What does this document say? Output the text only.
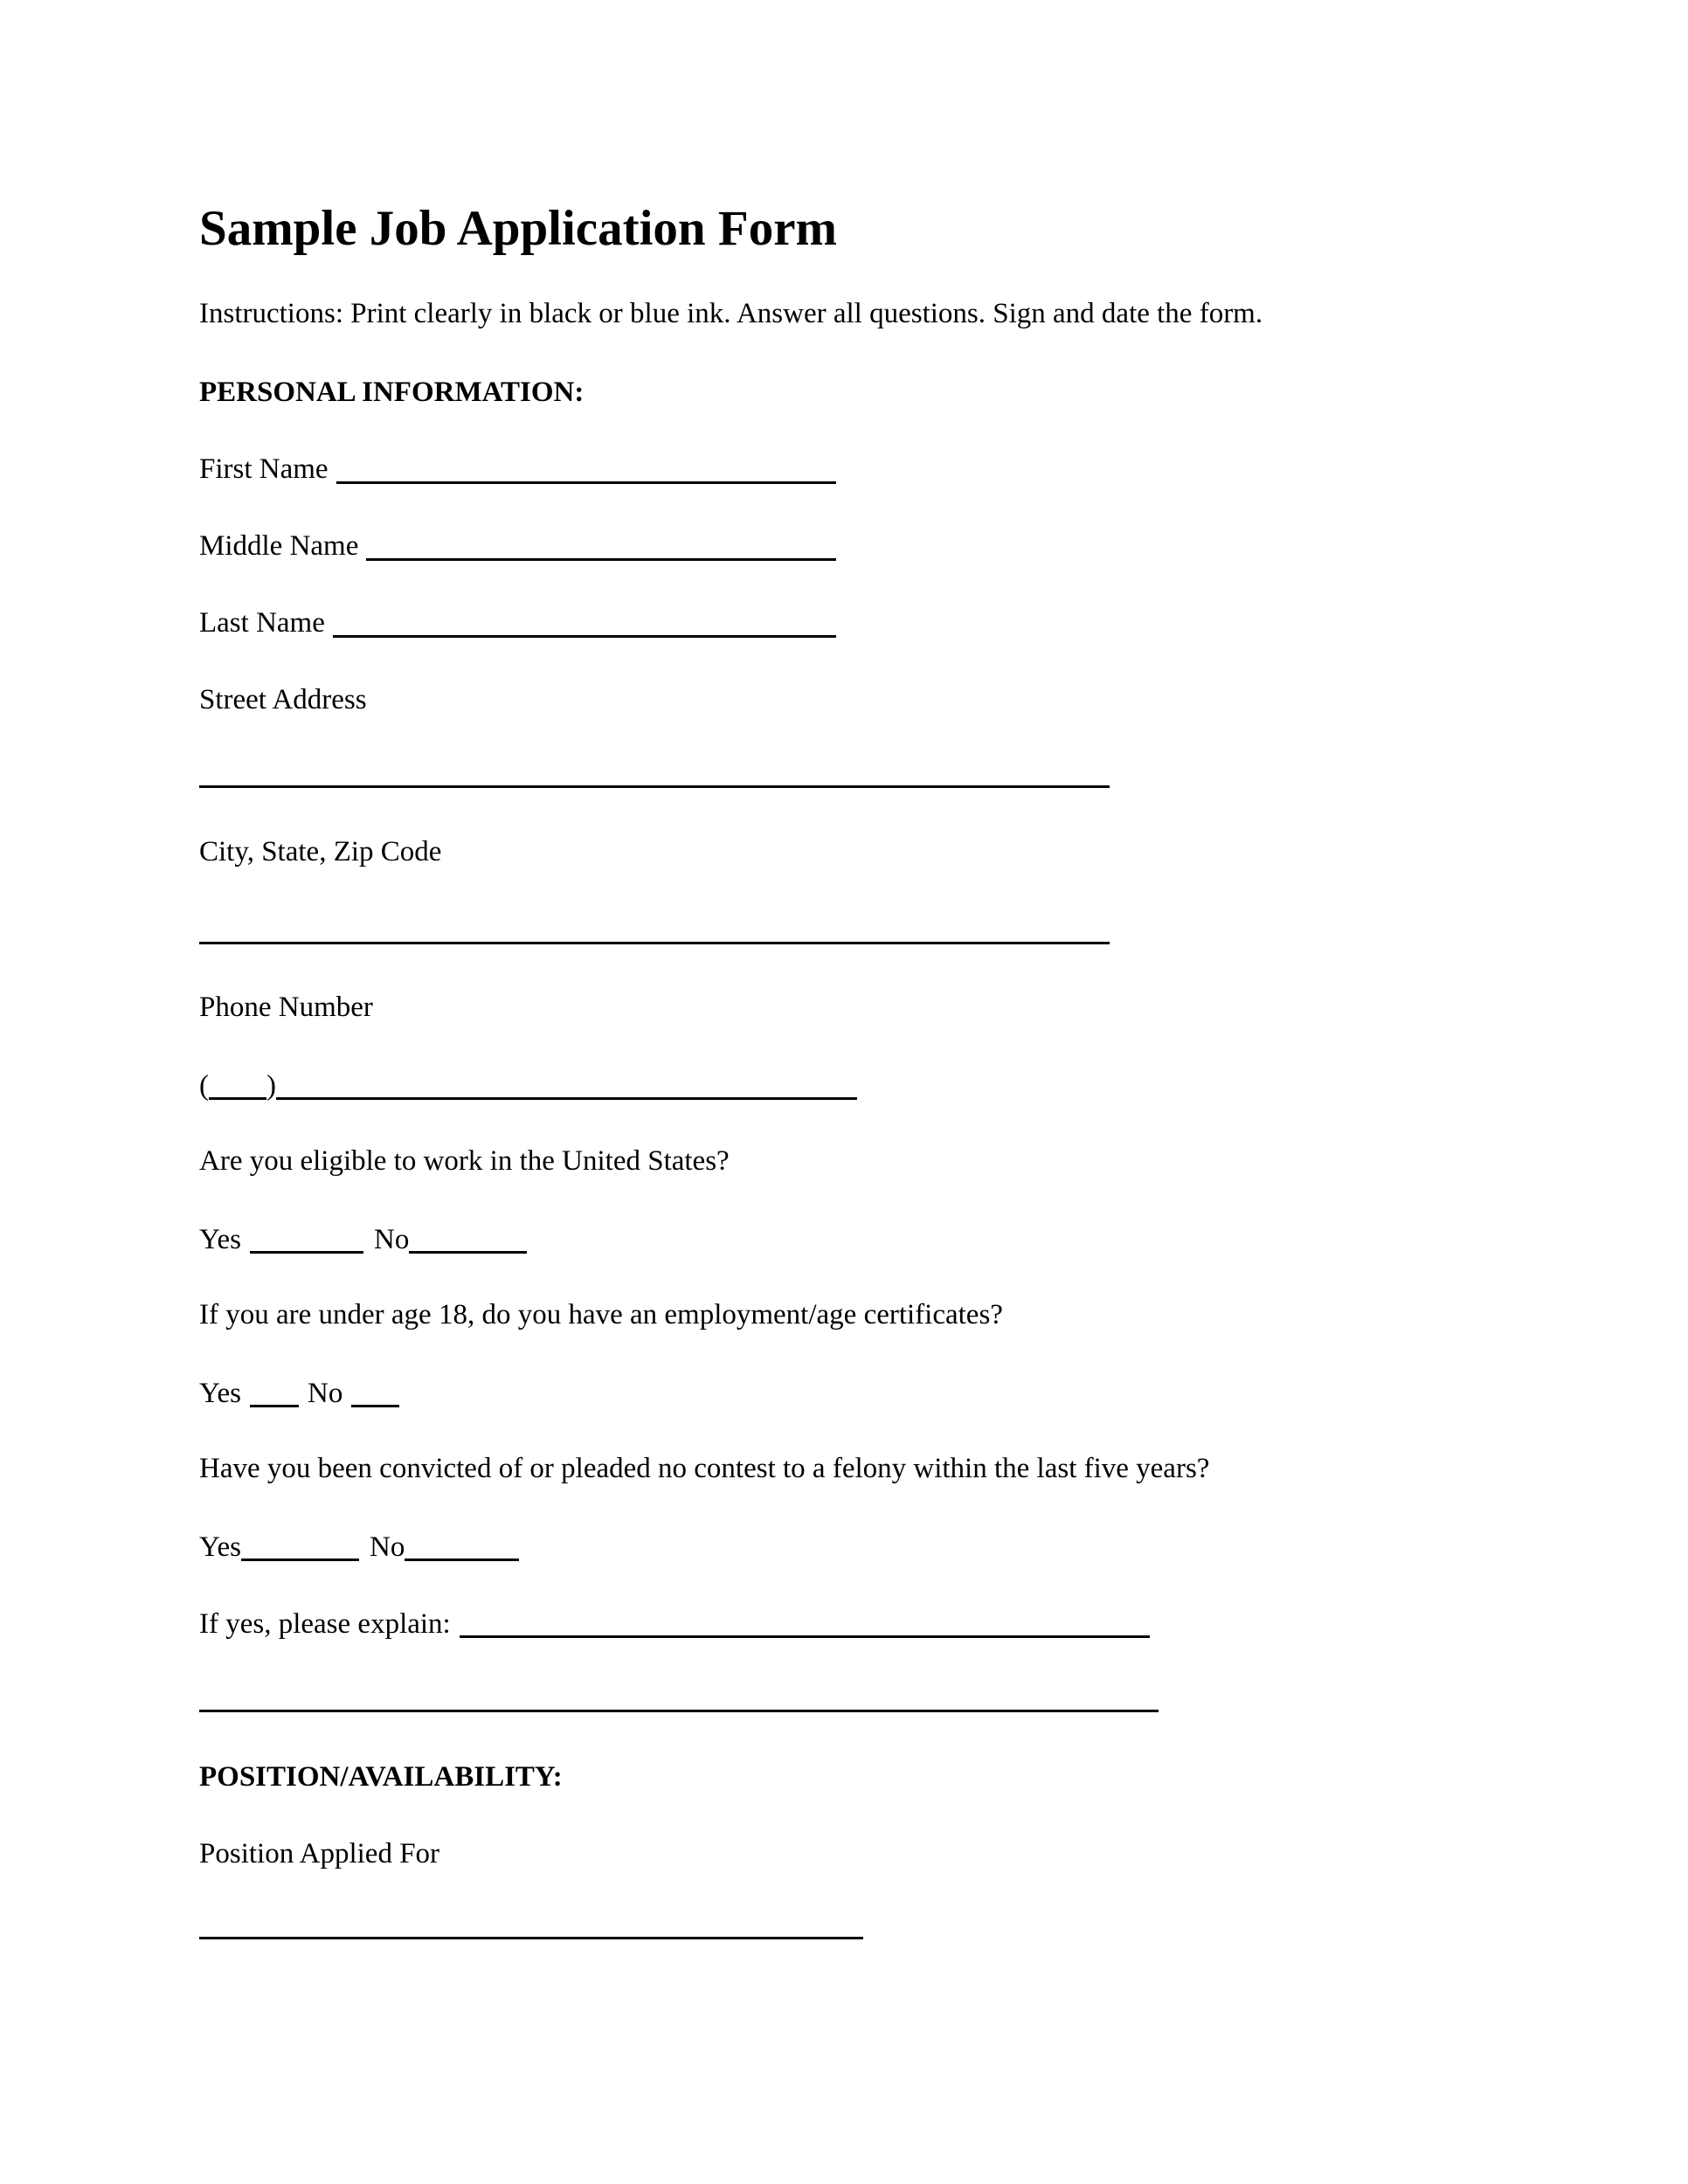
Sample Job Application Form
Instructions: Print clearly in black or blue ink. Answer all questions. Sign and date the form.
PERSONAL INFORMATION:
First Name
Middle Name
Last Name
Street Address
City, State, Zip Code
Phone Number
( )
Are you eligible to work in the United States?
Yes	No
If you are under age 18, do you have an employment/age certificates?
Yes No
Have you been convicted of or pleaded no contest to a felony within the last five years?
Yes	No
If yes, please explain:
POSITION/AVAILABILITY:
Position Applied For
